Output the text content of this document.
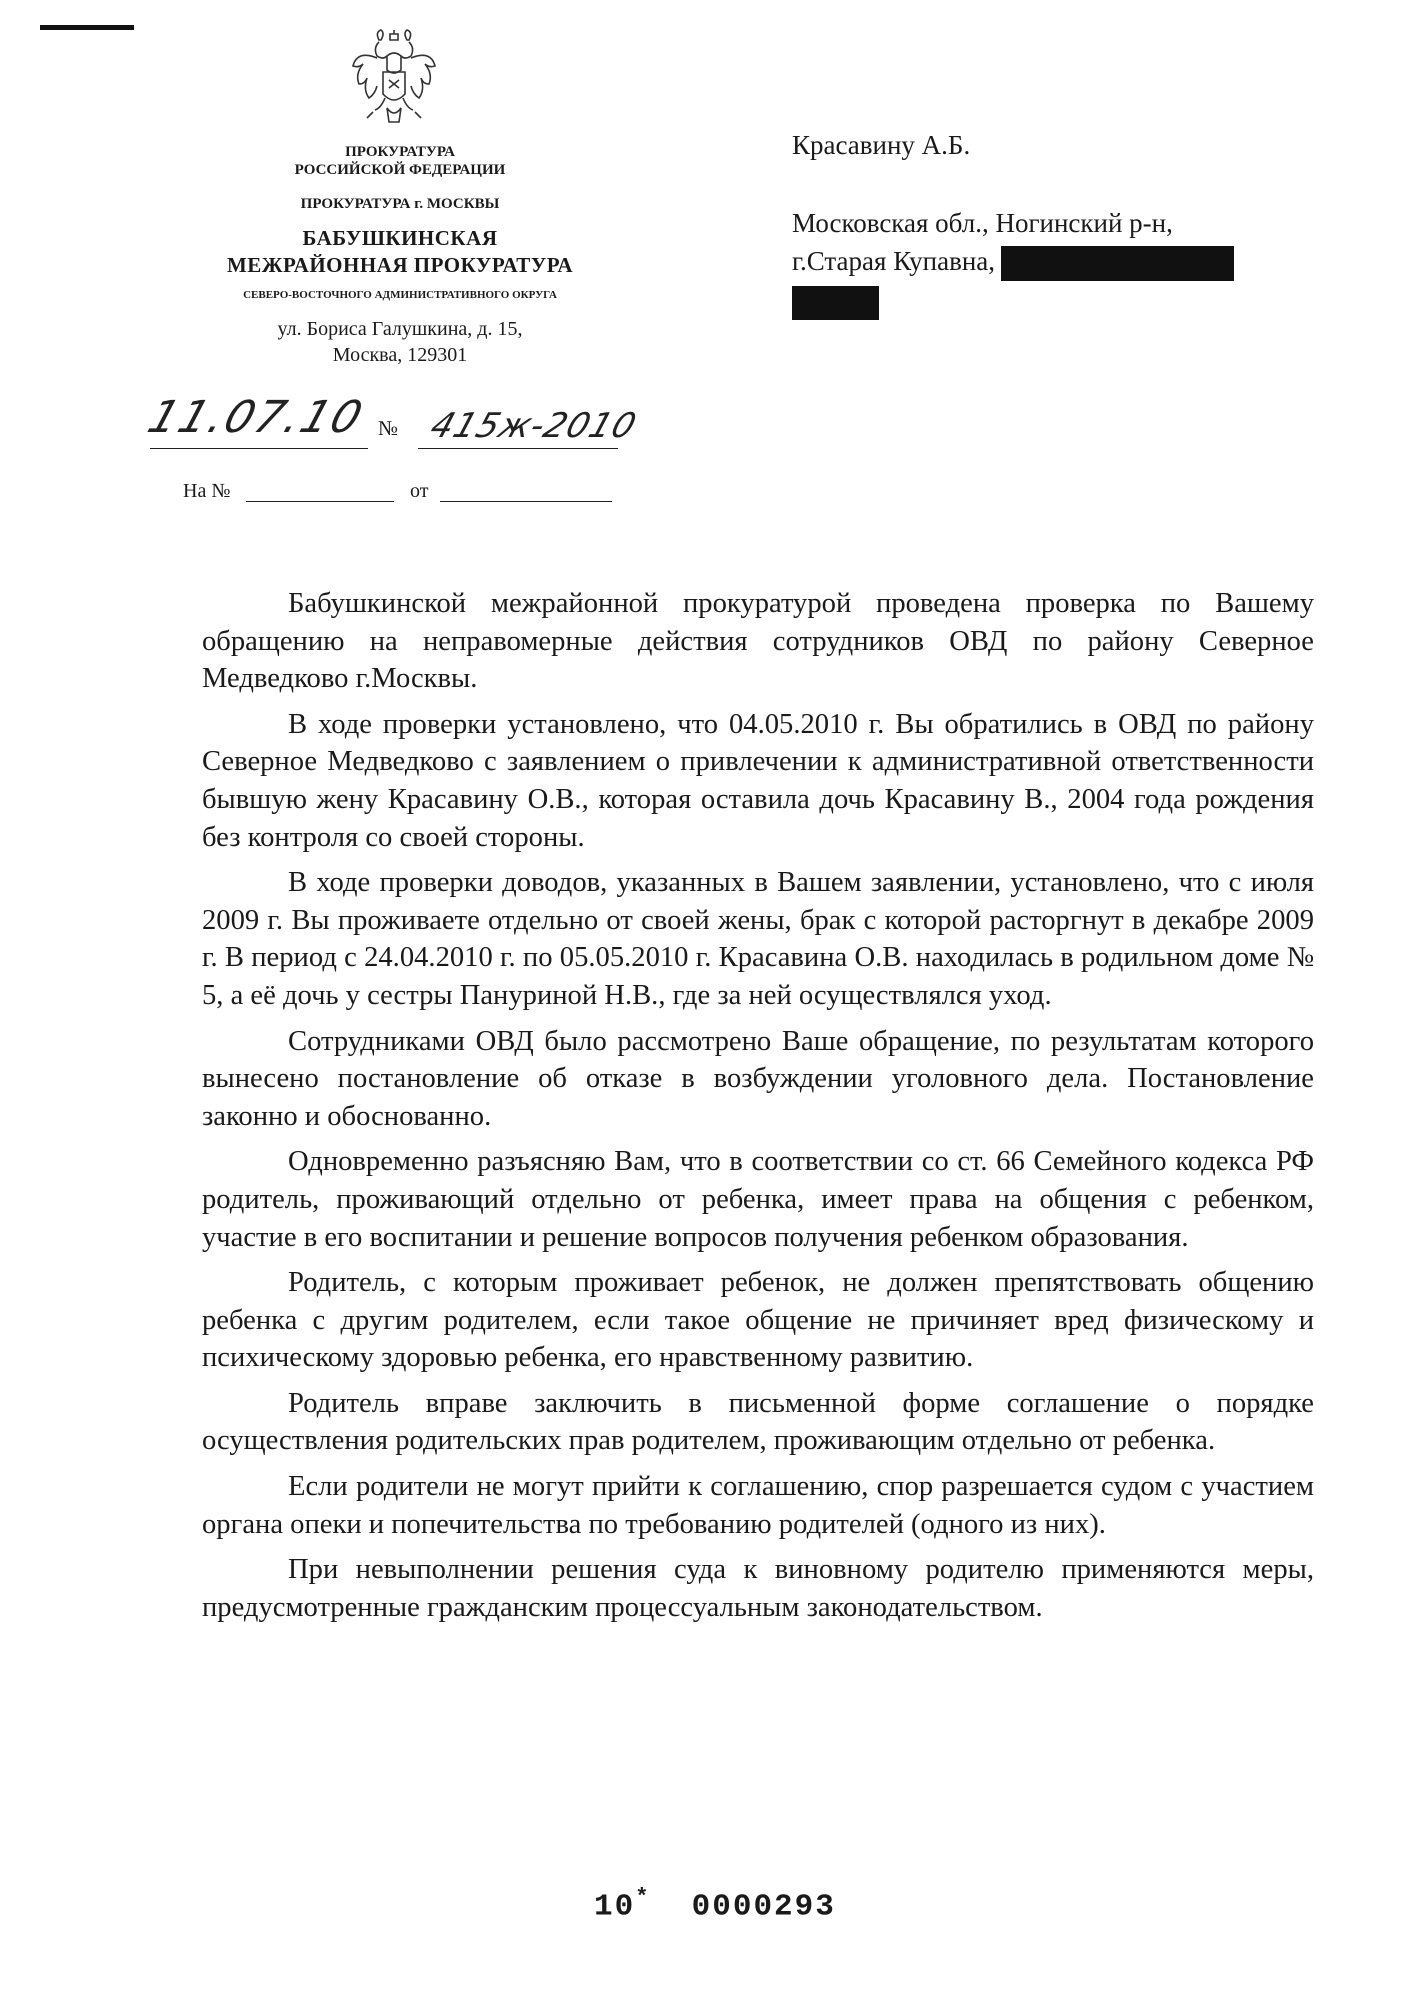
ПРОКУРАТУРА
РОССИЙСКОЙ ФЕДЕРАЦИИ
ПРОКУРАТУРА г. МОСКВЫ
БАБУШКИНСКАЯ
МЕЖРАЙОННАЯ ПРОКУРАТУРА
СЕВЕРО-ВОСТОЧНОГО АДМИНИСТРАТИВНОГО ОКРУГА
ул. Бориса Галушкина, д. 15,
Москва, 129301
Красавину А.Б.
Московская обл., Ногинский р-н,
г.Старая Купавна,
11.07.10 № 415ж-2010
На №	от

Бабушкинской межрайонной прокуратурой проведена проверка по Вашему обращению на неправомерные действия сотрудников ОВД по району Северное Медведково г.Москвы.

В ходе проверки установлено, что 04.05.2010 г. Вы обратились в ОВД по району Северное Медведково с заявлением о привлечении к административной ответственности бывшую жену Красавину О.В., которая оставила дочь Красавину В., 2004 года рождения без контроля со своей стороны.

В ходе проверки доводов, указанных в Вашем заявлении, установлено, что с июля 2009 г. Вы проживаете отдельно от своей жены, брак с которой расторгнут в декабре 2009 г. В период с 24.04.2010 г. по 05.05.2010 г. Красавина О.В. находилась в родильном доме № 5, а её дочь у сестры Пануриной Н.В., где за ней осуществлялся уход.

Сотрудниками ОВД было рассмотрено Ваше обращение, по результатам которого вынесено постановление об отказе в возбуждении уголовного дела. Постановление законно и обоснованно.

Одновременно разъясняю Вам, что в соответствии со ст. 66 Семейного кодекса РФ родитель, проживающий отдельно от ребенка, имеет права на общения с ребенком, участие в его воспитании и решение вопросов получения ребенком образования.

Родитель, с которым проживает ребенок, не должен препятствовать общению ребенка с другим родителем, если такое общение не причиняет вред физическому и психическому здоровью ребенка, его нравственному развитию.

Родитель вправе заключить в письменной форме соглашение о порядке осуществления родительских прав родителем, проживающим отдельно от ребенка.

Если родители не могут прийти к соглашению, спор разрешается судом с участием органа опеки и попечительства по требованию родителей (одного из них).

При невыполнении решения суда к виновному родителю применяются меры, предусмотренные гражданским процессуальным законодательством.

10* 0000293
